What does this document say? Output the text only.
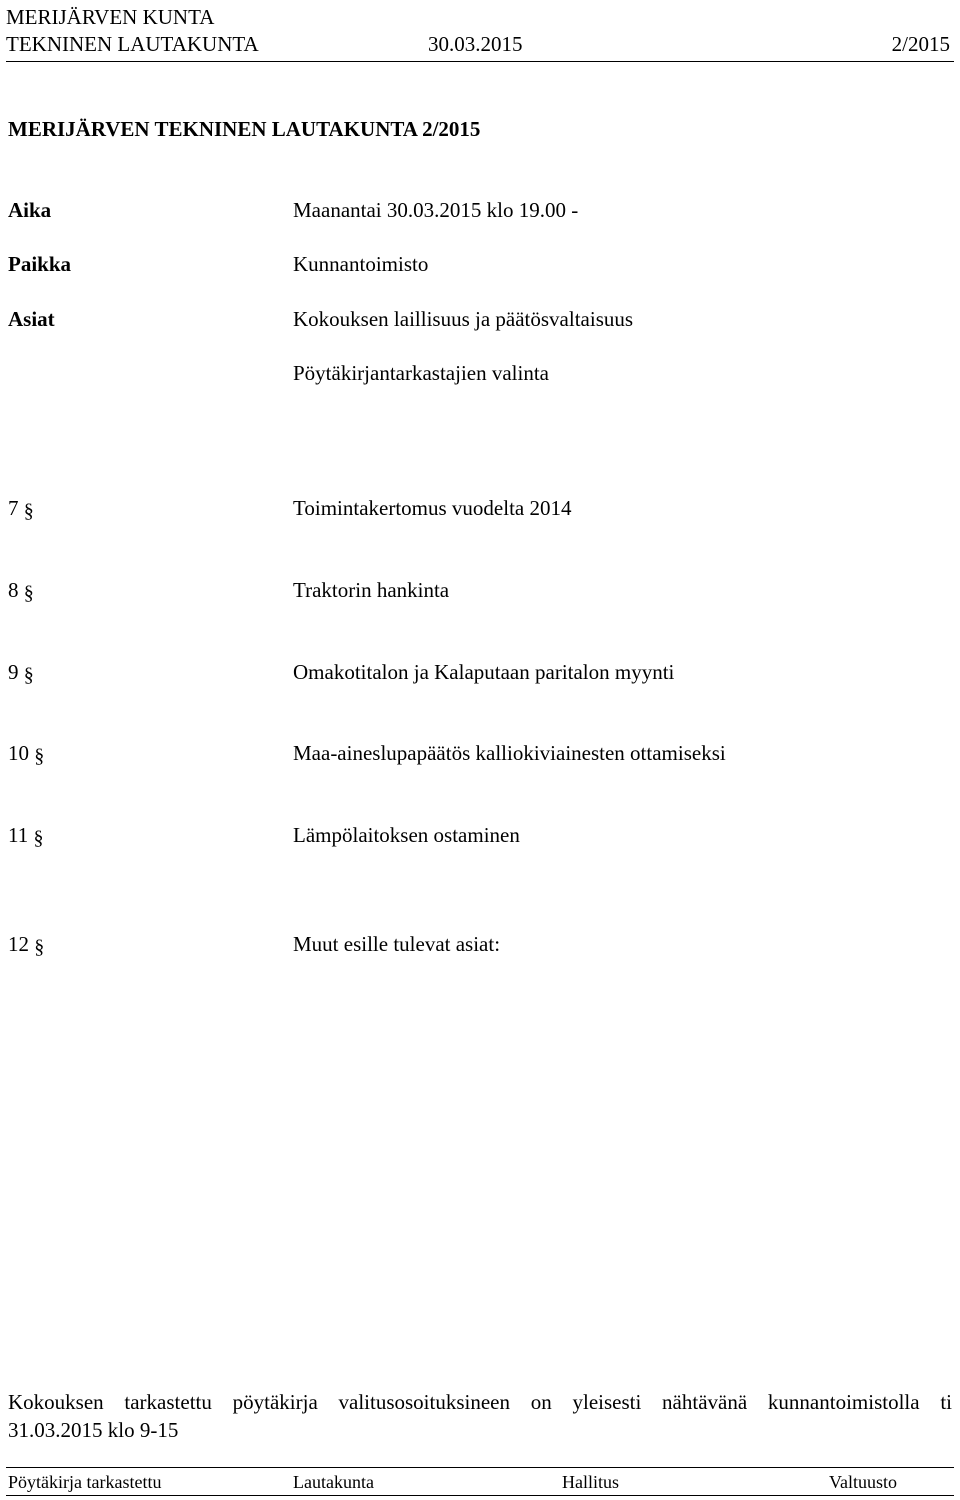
MERIJÄRVEN KUNTA
TEKNINEN LAUTAKUNTA	30.03.2015	2/2015
MERIJÄRVEN TEKNINEN LAUTAKUNTA 2/2015
Aika	Maanantai 30.03.2015 klo 19.00 -
Paikka	Kunnantoimisto
Asiat	Kokouksen laillisuus ja päätösvaltaisuus
Pöytäkirjantarkastajien valinta
7 §	Toimintakertomus vuodelta 2014
8 §	Traktorin hankinta
9 §	Omakotitalon ja Kalaputaan paritalon myynti
10 §	Maa-aineslupapäätös kalliokiviainesten ottamiseksi
11 §	Lämpölaitoksen ostaminen
12 §	Muut esille tulevat asiat:
Kokouksen tarkastettu pöytäkirja valitusosoituksineen on yleisesti nähtävänä kunnantoimistolla ti
31.03.2015 klo 9-15
Pöytäkirja tarkastettu	Lautakunta	Hallitus	Valtuusto
